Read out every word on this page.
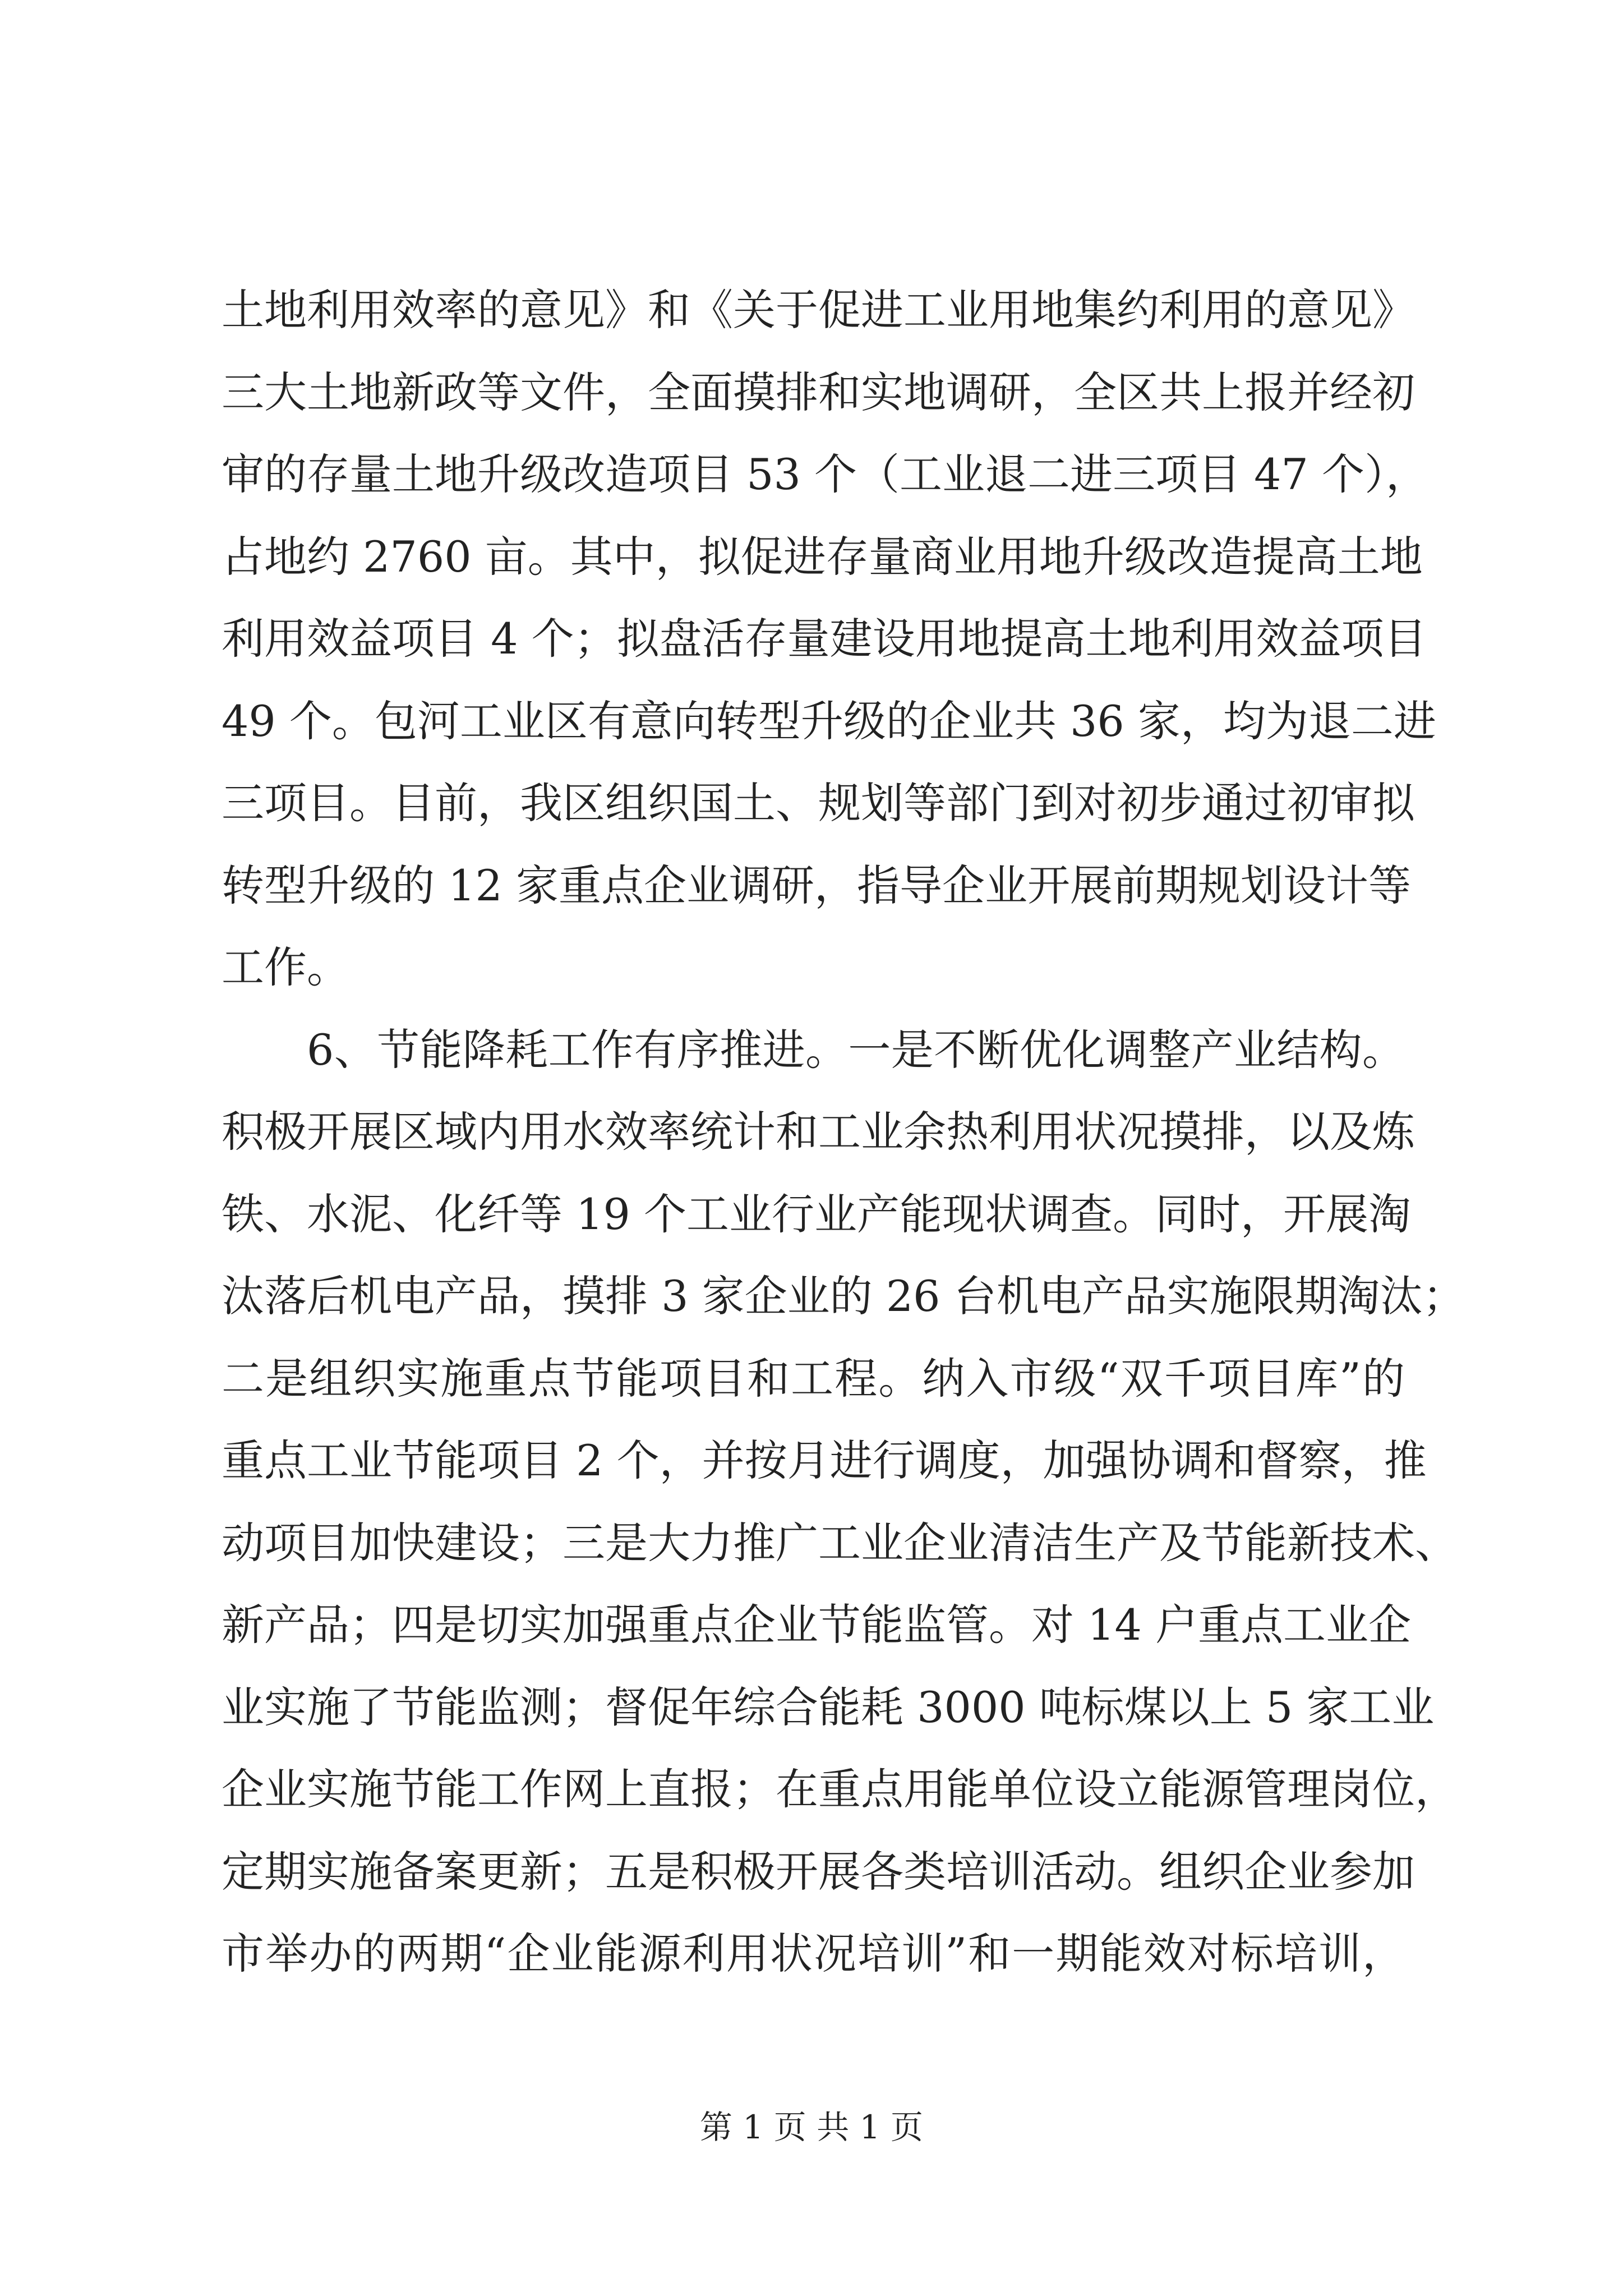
土地利用效率的意见》和《关于促进工业用地集约利用的意见》
三大土地新政等文件，全面摸排和实地调研，全区共上报并经初
审的存量土地升级改造项目 53 个（工业退二进三项目 47 个），
占地约 2760 亩。其中，拟促进存量商业用地升级改造提高土地
利用效益项目 4 个；拟盘活存量建设用地提高土地利用效益项目
49 个。包河工业区有意向转型升级的企业共 36 家，均为退二进
三项目。目前，我区组织国土、规划等部门到对初步通过初审拟
转型升级的 12 家重点企业调研，指导企业开展前期规划设计等
工作。
6、节能降耗工作有序推进。一是不断优化调整产业结构。
积极开展区域内用水效率统计和工业余热利用状况摸排，以及炼
铁、水泥、化纤等 19 个工业行业产能现状调查。同时，开展淘
汰落后机电产品，摸排 3 家企业的 26 台机电产品实施限期淘汰；
二是组织实施重点节能项目和工程。纳入市级“双千项目库”的
重点工业节能项目 2 个，并按月进行调度，加强协调和督察，推
动项目加快建设；三是大力推广工业企业清洁生产及节能新技术、
新产品；四是切实加强重点企业节能监管。对 14 户重点工业企
业实施了节能监测；督促年综合能耗 3000 吨标煤以上 5 家工业
企业实施节能工作网上直报；在重点用能单位设立能源管理岗位，
定期实施备案更新；五是积极开展各类培训活动。组织企业参加
市举办的两期“企业能源利用状况培训”和一期能效对标培训，
第 1 页 共 1 页
